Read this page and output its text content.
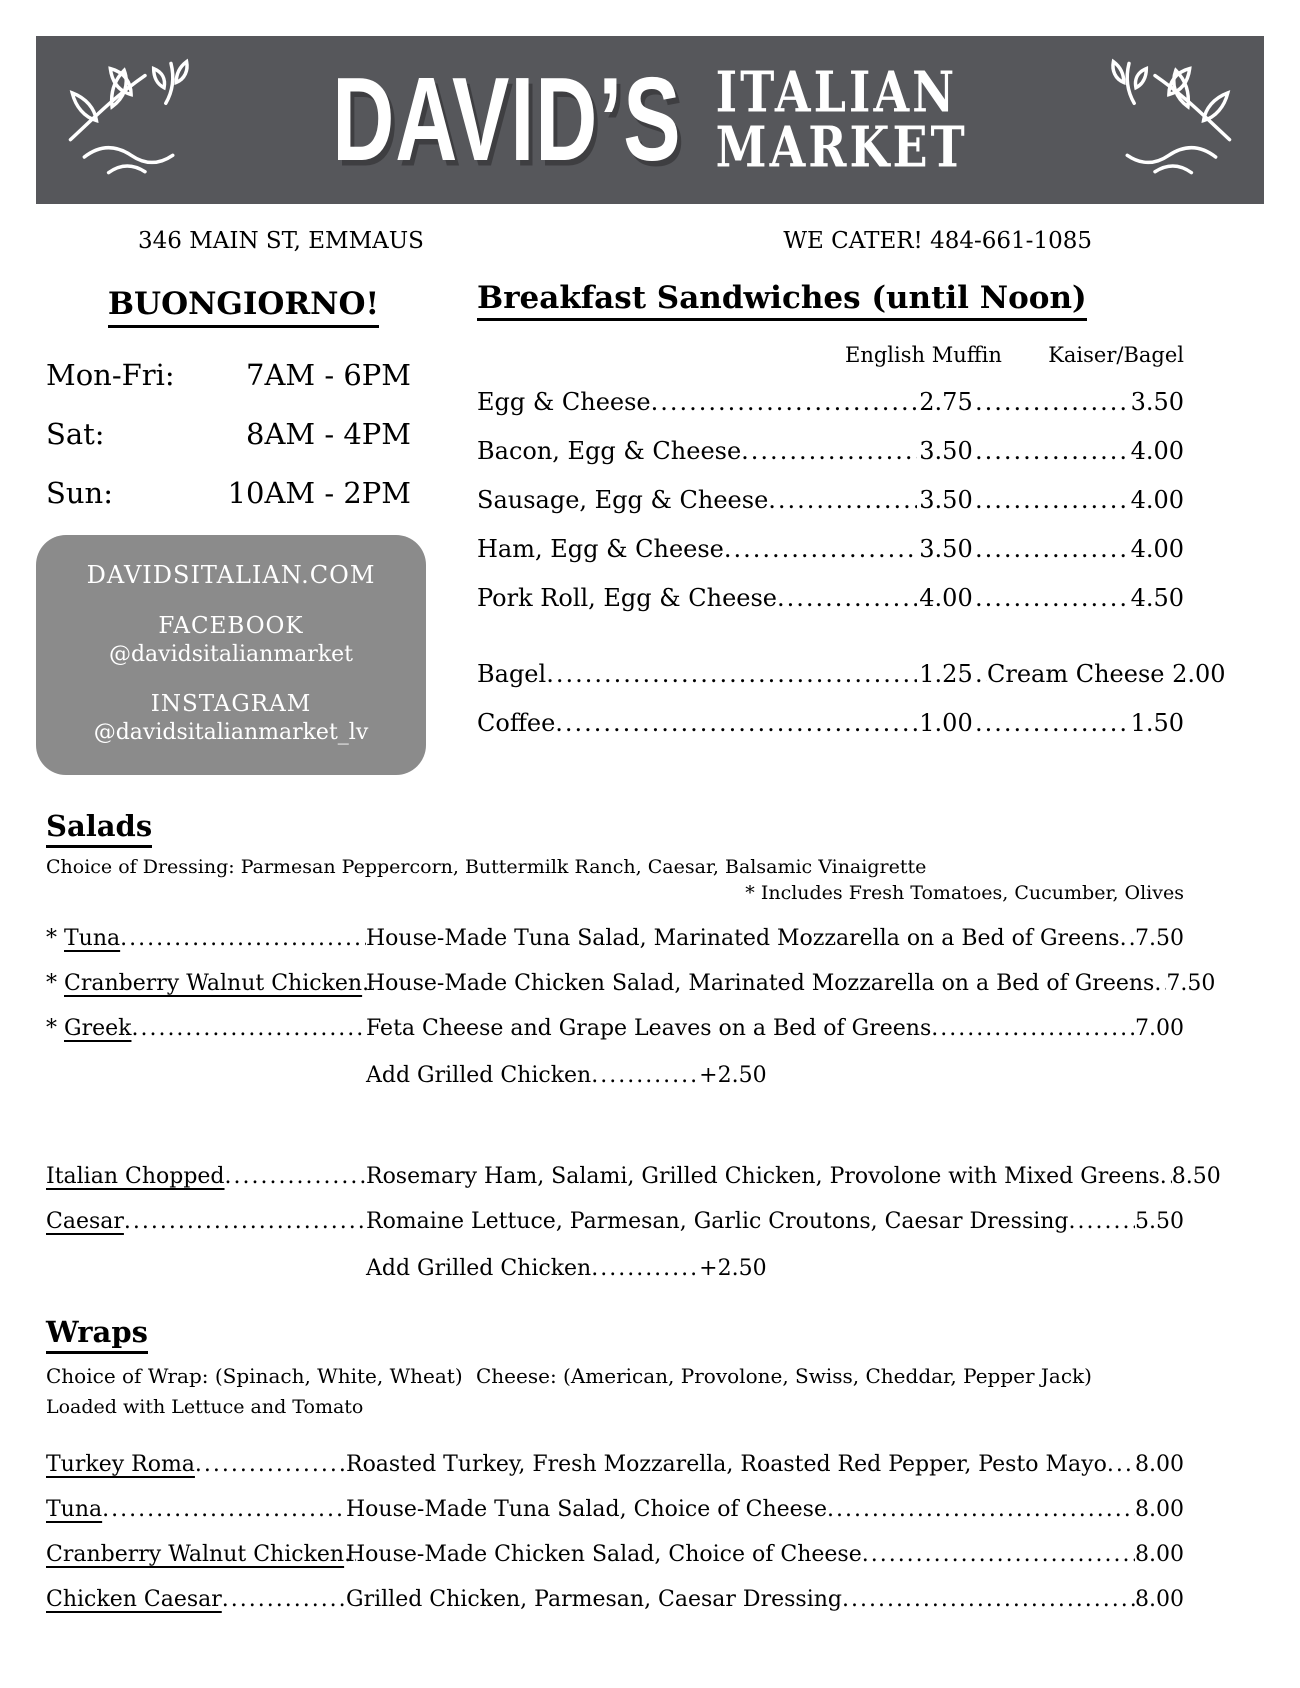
DAVID’S ITALIAN
MARKET
346 MAIN ST, EMMAUS	WE CATER! 484-661-1085
BUONGIORNO!
Mon-Fri: 7AM - 6PM
Sat:	8AM - 4PM
Sun:	10AM - 2PM
DAVIDSITALIAN.COM
FACEBOOK
@davidsitalianmarket
INSTAGRAM
@davidsitalianmarket_lv
Breakfast Sandwiches (until Noon)
English Muffin Kaiser/Bagel
Egg & Cheese .....	2.75 .....	3.50
Bacon, Egg & Cheese .....	3.50 .....	4.00
Sausage, Egg & Cheese .....	3.50 .....	4.00
Ham, Egg & Cheese .....	3.50 .....	4.00
Pork Roll, Egg & Cheese .....	4.00 .....	4.50
Bagel .....	1.25 ..... Cream Cheese 2.00
Coffee .....	1.00 .....	1.50
Salads
Choice of Dressing: Parmesan Peppercorn, Buttermilk Ranch, Caesar, Balsamic Vinaigrette
* Includes Fresh Tomatoes, Cucumber, Olives
* Tuna .....	House-Made Tuna Salad, Marinated Mozzarella on a Bed of Greens ..... 7.50
* Cranberry Walnut Chicken ..... House-Made Chicken Salad, Marinated Mozzarella on a Bed of Greens ..... 7.50
* Greek .....	Feta Cheese and Grape Leaves on a Bed of Greens .....	7.00
Add Grilled Chicken .....	+2.50
Italian Chopped .....	Rosemary Ham, Salami, Grilled Chicken, Provolone with Mixed Greens ..... 8.50
Caesar .....	Romaine Lettuce, Parmesan, Garlic Croutons, Caesar Dressing .....	5.50
Add Grilled Chicken .....	+2.50
Wraps
Choice of Wrap: (Spinach, White, Wheat) Cheese: (American, Provolone, Swiss, Cheddar, Pepper Jack)
Loaded with Lettuce and Tomato
Turkey Roma .....	Roasted Turkey, Fresh Mozzarella, Roasted Red Pepper, Pesto Mayo ..... 8.00
Tuna .....	House-Made Tuna Salad, Choice of Cheese .....	8.00
Cranberry Walnut Chicken ..... House-Made Chicken Salad, Choice of Cheese .....	8.00
Chicken Caesar .....	Grilled Chicken, Parmesan, Caesar Dressing .....	8.00
